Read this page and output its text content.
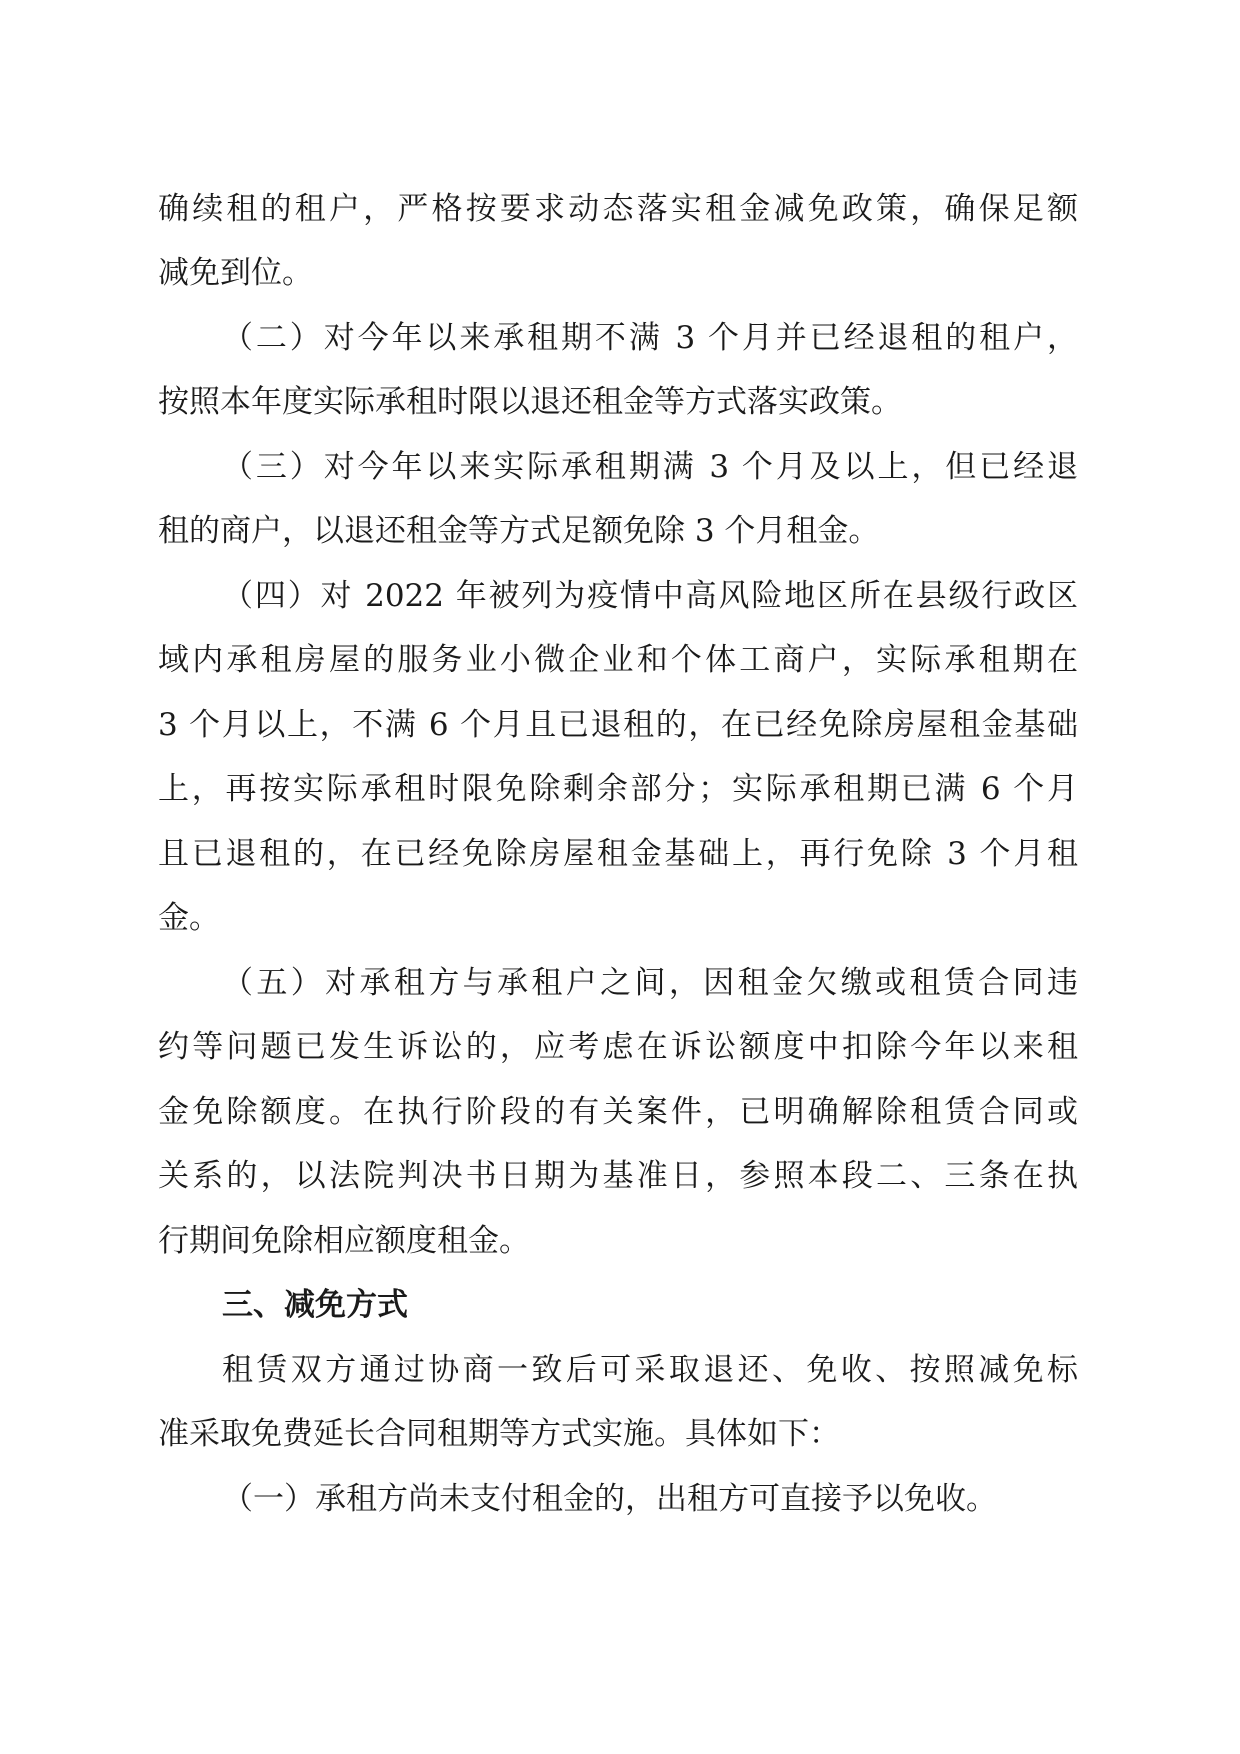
确续租的租户，严格按要求动态落实租金减免政策，确保足额
减免到位。
（二）对今年以来承租期不满 3 个月并已经退租的租户，
按照本年度实际承租时限以退还租金等方式落实政策。
（三）对今年以来实际承租期满 3 个月及以上，但已经退
租的商户，以退还租金等方式足额免除 3 个月租金。
（四）对 2022 年被列为疫情中高风险地区所在县级行政区
域内承租房屋的服务业小微企业和个体工商户，实际承租期在
3 个月以上，不满 6 个月且已退租的，在已经免除房屋租金基础
上，再按实际承租时限免除剩余部分；实际承租期已满 6 个月
且已退租的，在已经免除房屋租金基础上，再行免除 3 个月租
金。
（五）对承租方与承租户之间，因租金欠缴或租赁合同违
约等问题已发生诉讼的，应考虑在诉讼额度中扣除今年以来租
金免除额度。在执行阶段的有关案件，已明确解除租赁合同或
关系的，以法院判决书日期为基准日，参照本段二、三条在执
行期间免除相应额度租金。
三、减免方式
租赁双方通过协商一致后可采取退还、免收、按照减免标
准采取免费延长合同租期等方式实施。具体如下：
（一）承租方尚未支付租金的，出租方可直接予以免收。
